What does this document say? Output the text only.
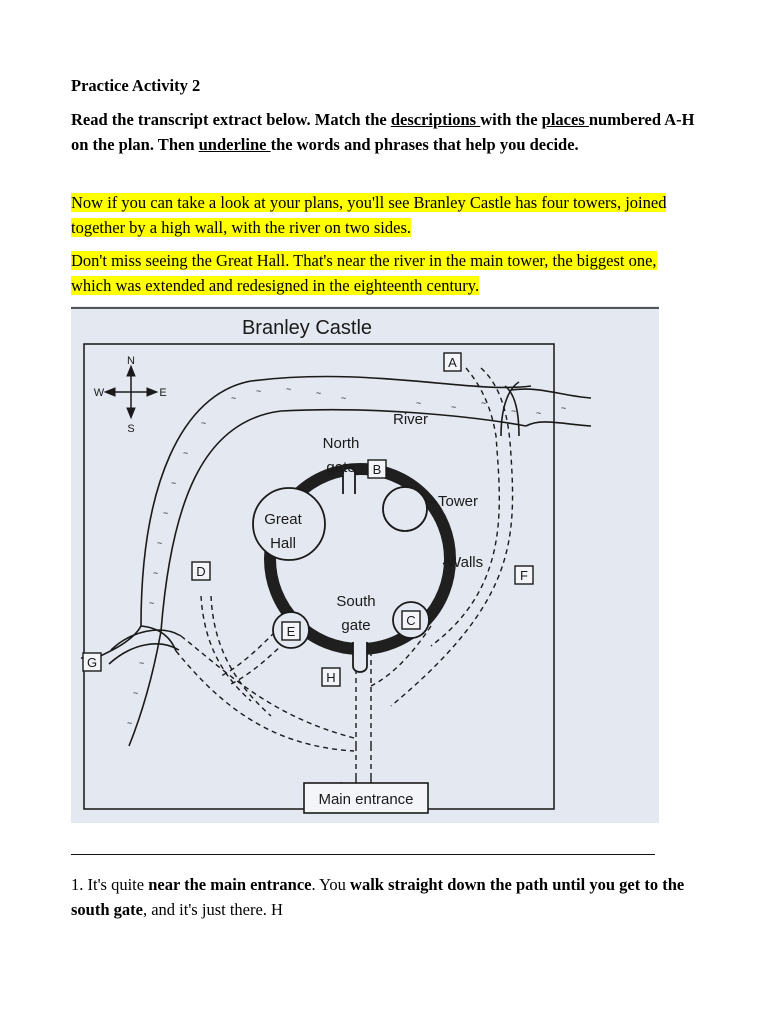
Practice Activity 2
Read the transcript extract below. Match the descriptions with the places numbered A-H on the plan. Then underline the words and phrases that help you decide.
Now if you can take a look at your plans, you'll see Branley Castle has four towers, joined together by a high wall, with the river on two sides.
Don't miss seeing the Great Hall. That's near the river in the main tower, the biggest one, which was extended and redesigned in the eighteenth century.
Branley Castle
N
S
W	E	~
~	~	~ ~	~	~	~
~ ~ ~
~
~
~
~
~
~
~
~
~
~
River
North
gate
Great
Hall
Tower
Walls
South
gate
Main entrance
A
B
C
D
E
F
G
H
1. It's quite near the main entrance. You walk straight down the path until you get to the south gate, and it's just there. H
